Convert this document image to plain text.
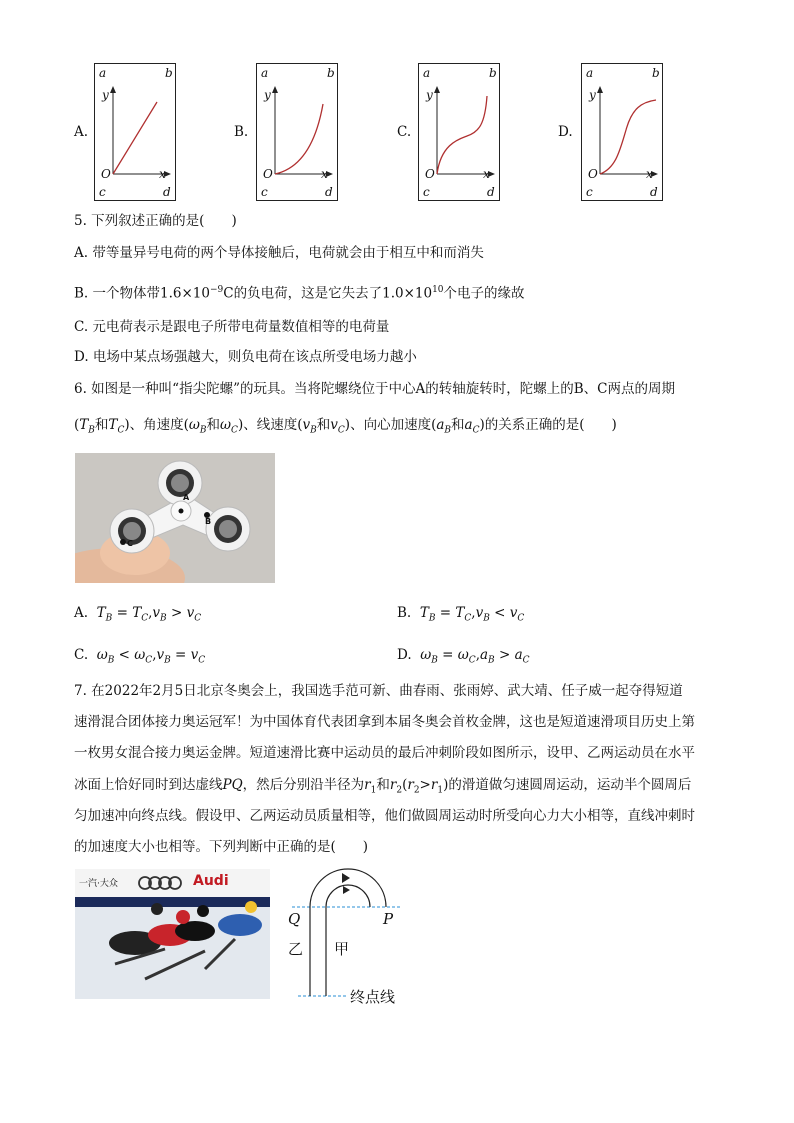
A.
a	b
y
O	x
c	d
B.
a	b
y
O	x
c	d
C.
a	b
y
O	x
c	d
D.
a	b
y
O	x
c	d
5. 下列叙述正确的是(　　)
A. 带等量异号电荷的两个导体接触后，电荷就会由于相互中和而消失
B. 一个物体带$1.6\times 10^{-9}C$的负电荷，这是它失去了$1.0\times 10^{10}$个电子的缘故
C. 元电荷表示是跟电子所带电荷量数值相等的电荷量
D. 电场中某点场强越大，则负电荷在该点所受电场力越小
6. 如图是一种叫“指尖陀螺”的玩具。当将陀螺绕位于中心A的转轴旋转时，陀螺上的B、C两点的周期
($T_B$和$T_C$)、角速度($\omega_B$和$\omega_C$)、线速度($v_B$和$v_C$)、向心加速度($a_B$和$a_C$)的关系正确的是(　　)
A
B
C
A. $T_B = T_C,v_B > v_C$	B. $T_B = T_C,v_B < v_C$
C. $\omega_B < \omega_C,v_B = v_C$	D. $\omega_B = \omega_C,a_B > a_C$
7. 在2022年2月5日北京冬奥会上，我国选手范可新、曲春雨、张雨婷、武大靖、任子威一起夺得短道
速滑混合团体接力奥运冠军！为中国体育代表团拿到本届冬奥会首枚金牌，这也是短道速滑项目历史上第
一枚男女混合接力奥运金牌。短道速滑比赛中运动员的最后冲刺阶段如图所示，设甲、乙两运动员在水平
冰面上恰好同时到达虚线PQ，然后分别沿半径为$r_1$和$r_2(r_2>r_1)$的滑道做匀速圆周运动，运动半个圆周后
匀加速冲向终点线。假设甲、乙两运动员质量相等，他们做圆周运动时所受向心力大小相等，直线冲刺时
的加速度大小也相等。下列判断中正确的是(　　)
一汽·大众	Audi
Q	P
乙 甲
终点线
